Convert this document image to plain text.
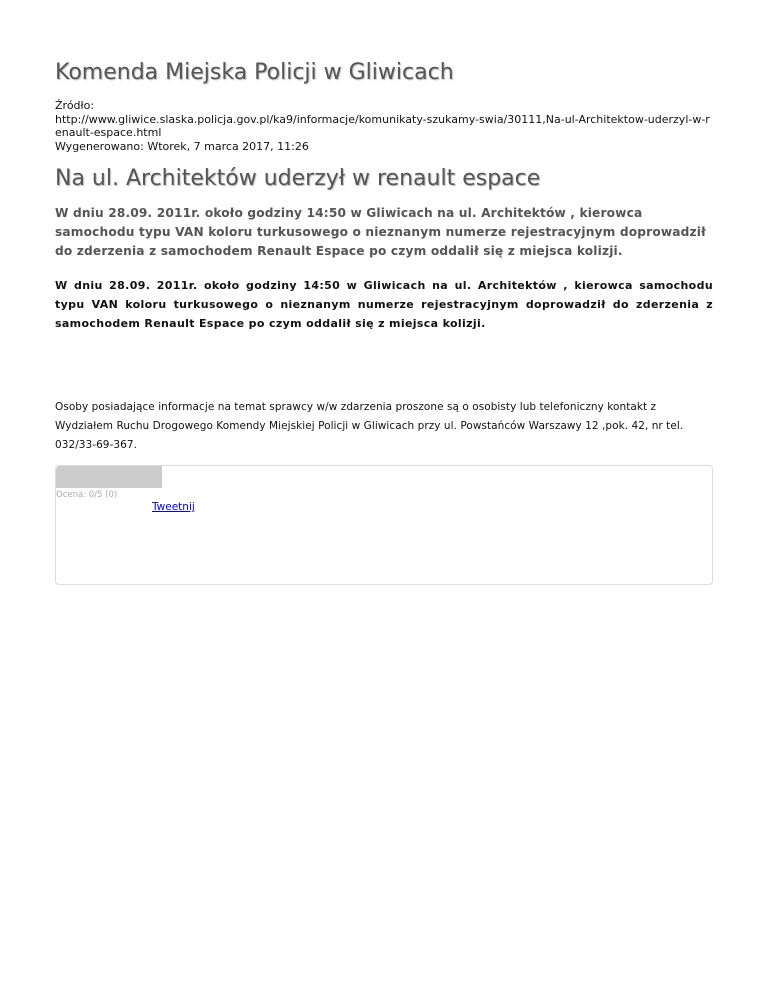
Komenda Miejska Policji w Gliwicach
Źródło:
http://www.gliwice.slaska.policja.gov.pl/ka9/informacje/komunikaty-szukamy-swia/30111,Na-ul-Architektow-uderzyl-w-renault-espace.html
Wygenerowano: Wtorek, 7 marca 2017, 11:26
Na ul. Architektów uderzył w renault espace

W dniu 28.09. 2011r. około godziny 14:50 w Gliwicach na ul. Architektów , kierowca samochodu typu VAN koloru turkusowego o nieznanym numerze rejestracyjnym doprowadził do zderzenia z samochodem Renault Espace po czym oddalił się z miejsca kolizji.

W dniu 28.09. 2011r. około godziny 14:50 w Gliwicach na ul. Architektów , kierowca samochodu typu VAN koloru turkusowego o nieznanym numerze rejestracyjnym doprowadził do zderzenia z samochodem Renault Espace po czym oddalił się z miejsca kolizji.

Osoby posiadające informacje na temat sprawcy w/w zdarzenia proszone są o osobisty lub telefoniczny kontakt z Wydziałem Ruchu Drogowego Komendy Miejskiej Policji w Gliwicach przy ul. Powstańców Warszawy 12 ,pok. 42, nr tel. 032/33-69-367.

Ocena: 0/5 (0)
Tweetnij
